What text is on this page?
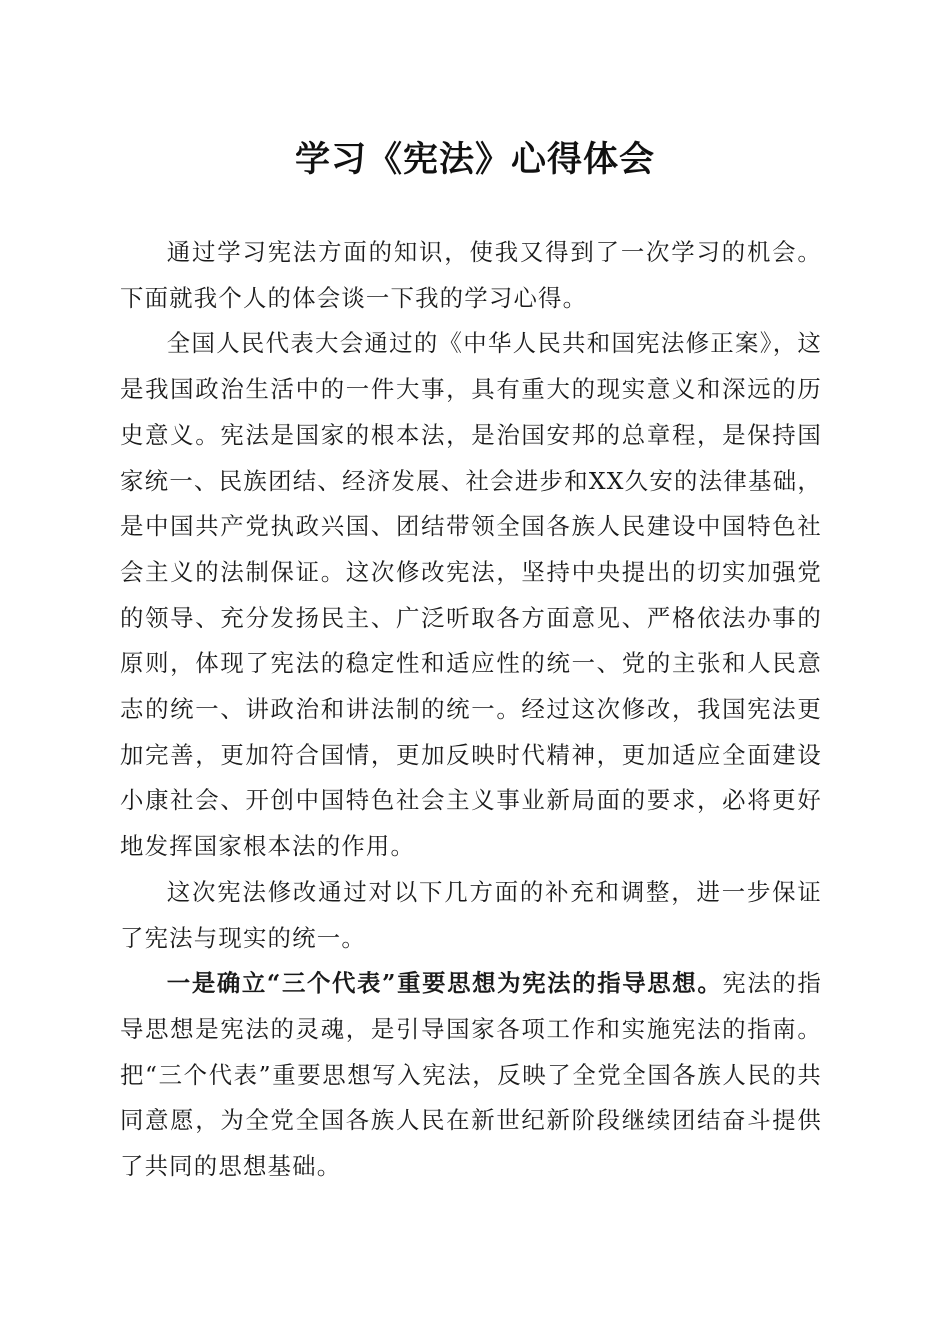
学习《宪法》心得体会

通过学习宪法方面的知识，使我又得到了一次学习的机会。下面就我个人的体会谈一下我的学习心得。

全国人民代表大会通过的《中华人民共和国宪法修正案》，这是我国政治生活中的一件大事，具有重大的现实意义和深远的历史意义。宪法是国家的根本法，是治国安邦的总章程，是保持国家统一、民族团结、经济发展、社会进步和XX久安的法律基础，是中国共产党执政兴国、团结带领全国各族人民建设中国特色社会主义的法制保证。这次修改宪法，坚持中央提出的切实加强党的领导、充分发扬民主、广泛听取各方面意见、严格依法办事的原则，体现了宪法的稳定性和适应性的统一、党的主张和人民意志的统一、讲政治和讲法制的统一。经过这次修改，我国宪法更加完善，更加符合国情，更加反映时代精神，更加适应全面建设小康社会、开创中国特色社会主义事业新局面的要求，必将更好地发挥国家根本法的作用。

这次宪法修改通过对以下几方面的补充和调整，进一步保证了宪法与现实的统一。

一是确立“三个代表”重要思想为宪法的指导思想。宪法的指导思想是宪法的灵魂，是引导国家各项工作和实施宪法的指南。把“三个代表”重要思想写入宪法，反映了全党全国各族人民的共同意愿，为全党全国各族人民在新世纪新阶段继续团结奋斗提供了共同的思想基础。
